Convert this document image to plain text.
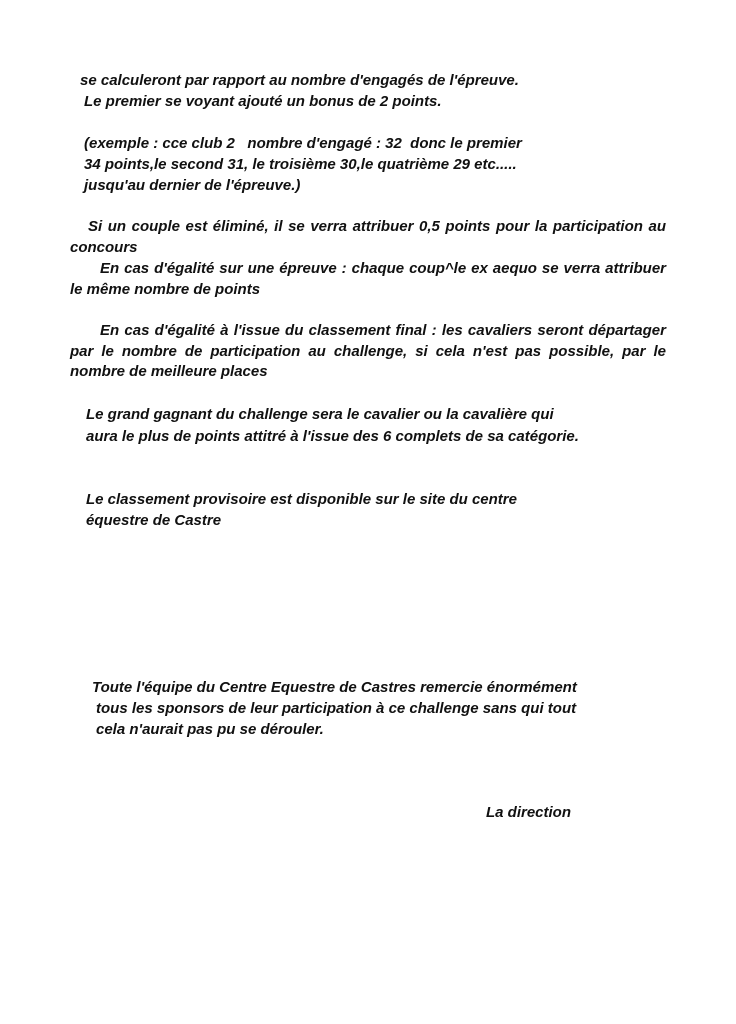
se calculeront par rapport au nombre d'engagés de l'épreuve.

Le premier se voyant ajouté un bonus de 2 points.

(exemple : cce club 2   nombre d'engagé : 32  donc le premier

34 points,le second 31, le troisième 30,le quatrième 29 etc.....

jusqu'au dernier de l'épreuve.)

Si un couple est éliminé, il se verra attribuer 0,5 points pour la participation au concours

En cas d'égalité sur une épreuve : chaque coup^le ex aequo se verra attribuer le même nombre de points

En cas d'égalité à l'issue du classement final : les cavaliers seront départager par le nombre de participation au challenge, si cela n'est pas possible, par le nombre de meilleure places

Le grand gagnant du challenge sera le cavalier ou la cavalière qui

aura le plus de points attitré à l'issue des 6 complets de sa catégorie.

Le classement provisoire est disponible sur le site du centre

équestre de Castre

Toute l'équipe du Centre Equestre de Castres remercie énormément

tous les sponsors de leur participation à ce challenge sans qui tout

cela n'aurait pas pu se dérouler.

La direction
